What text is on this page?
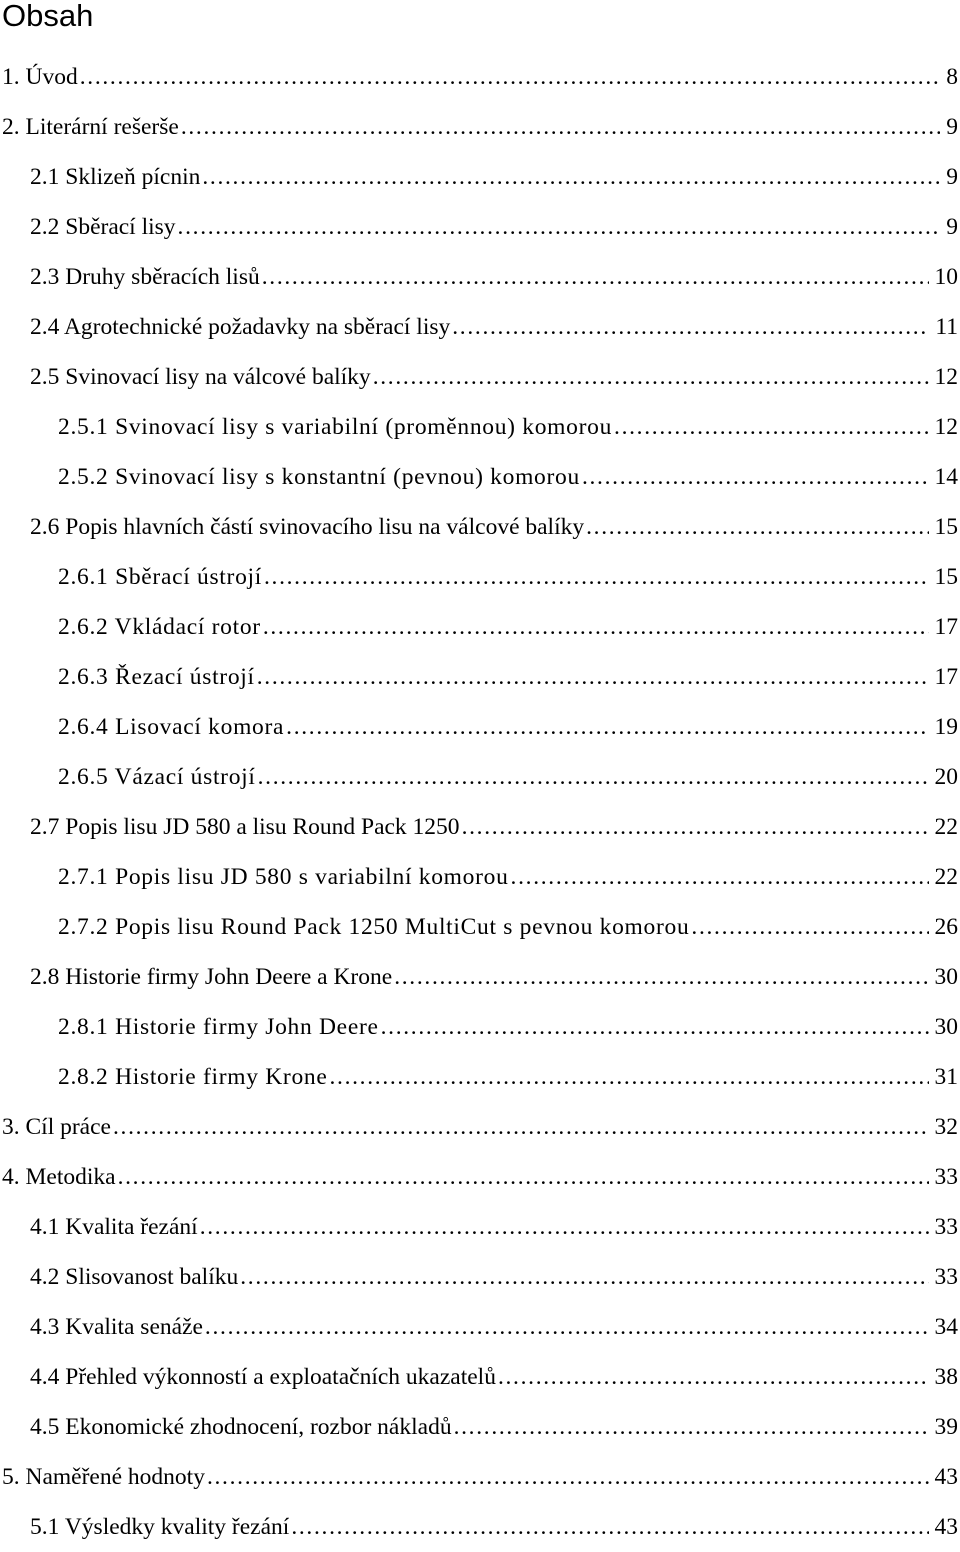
Obsah
1. Úvod . . .	8
2. Literární rešerše . . .	9
2.1 Sklizeň pícnin . . .	9
2.2 Sběrací lisy . . .	9
2.3 Druhy sběracích lisů . . .	10
2.4 Agrotechnické požadavky na sběrací lisy . . .	11
2.5 Svinovací lisy na válcové balíky . . .	12
2.5.1 Svinovací lisy s variabilní (proměnnou) komorou . . .	12
2.5.2 Svinovací lisy s konstantní (pevnou) komorou . . .	14
2.6 Popis hlavních částí svinovacího lisu na válcové balíky . . .	15
2.6.1 Sběrací ústrojí . . .	15
2.6.2 Vkládací rotor . . .	17
2.6.3 Řezací ústrojí . . .	17
2.6.4 Lisovací komora . . .	19
2.6.5 Vázací ústrojí . . .	20
2.7 Popis lisu JD 580 a lisu Round Pack 1250 . . .	22
2.7.1 Popis lisu JD 580 s variabilní komorou . . .	22
2.7.2 Popis lisu Round Pack 1250 MultiCut s pevnou komorou . . .	26
2.8 Historie firmy John Deere a Krone . . .	30
2.8.1 Historie firmy John Deere . . .	30
2.8.2 Historie firmy Krone . . .	31
3. Cíl práce . . .	32
4. Metodika . . .	33
4.1 Kvalita řezání . . .	33
4.2 Slisovanost balíku . . .	33
4.3 Kvalita senáže . . .	34
4.4 Přehled výkonností a exploatačních ukazatelů . . .	38
4.5 Ekonomické zhodnocení, rozbor nákladů . . .	39
5. Naměřené hodnoty . . .	43
5.1 Výsledky kvality řezání . . .	43
